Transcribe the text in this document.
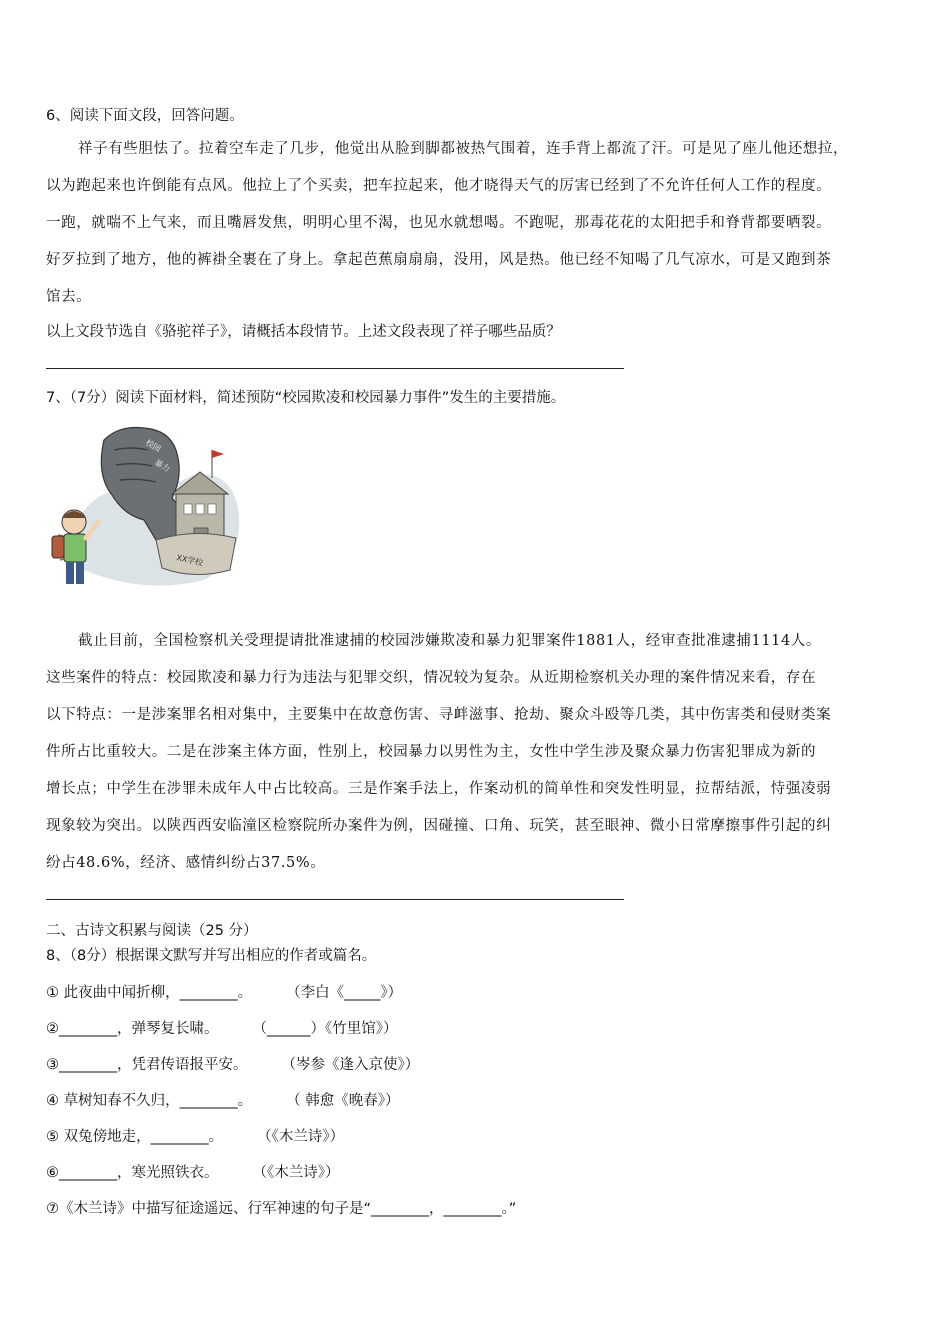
6、阅读下面文段，回答问题。
祥子有些胆怯了。拉着空车走了几步，他觉出从脸到脚都被热气围着，连手背上都流了汗。可是见了座儿他还想拉，
以为跑起来也许倒能有点风。他拉上了个买卖，把车拉起来，他才晓得天气的厉害已经到了不允许任何人工作的程度。
一跑，就喘不上气来，而且嘴唇发焦，明明心里不渴，也见水就想喝。不跑呢，那毒花花的太阳把手和脊背都要晒裂。
好歹拉到了地方，他的裤褂全裹在了身上。拿起芭蕉扇扇扇，没用，风是热。他已经不知喝了几气凉水，可是又跑到茶
馆去。
以上文段节选自《骆驼祥子》，请概括本段情节。上述文段表现了祥子哪些品质？
7、（7分）阅读下面材料，简述预防“校园欺凌和校园暴力事件”发生的主要措施。
校园
暴力
XX学校
截止目前，全国检察机关受理提请批准逮捕的校园涉嫌欺凌和暴力犯罪案件1881人，经审查批准逮捕1114人。
这些案件的特点：校园欺凌和暴力行为违法与犯罪交织，情况较为复杂。从近期检察机关办理的案件情况来看，存在
以下特点：一是涉案罪名相对集中，主要集中在故意伤害、寻衅滋事、抢劫、聚众斗殴等几类，其中伤害类和侵财类案
件所占比重较大。二是在涉案主体方面，性别上，校园暴力以男性为主，女性中学生涉及聚众暴力伤害犯罪成为新的
增长点；中学生在涉罪未成年人中占比较高。三是作案手法上，作案动机的简单性和突发性明显，拉帮结派，恃强凌弱
现象较为突出。以陕西西安临潼区检察院所办案件为例，因碰撞、口角、玩笑，甚至眼神、微小日常摩擦事件引起的纠
纷占48.6%，经济、感情纠纷占37.5%。
二、古诗文积累与阅读（25 分）
8、（8分）根据课文默写并写出相应的作者或篇名。
① 此夜曲中闻折柳，________。 （李白《_____》）
②________，弹琴复长啸。 （______）《竹里馆》）
③________，凭君传语报平安。 （岑参《逢入京使》）
④ 草树知春不久归，________。 （ 韩愈《晚春》）
⑤ 双兔傍地走，________。 （《木兰诗》）
⑥________，寒光照铁衣。 （《木兰诗》）
⑦《木兰诗》中描写征途遥远、行军神速的句子是“________，________。”
